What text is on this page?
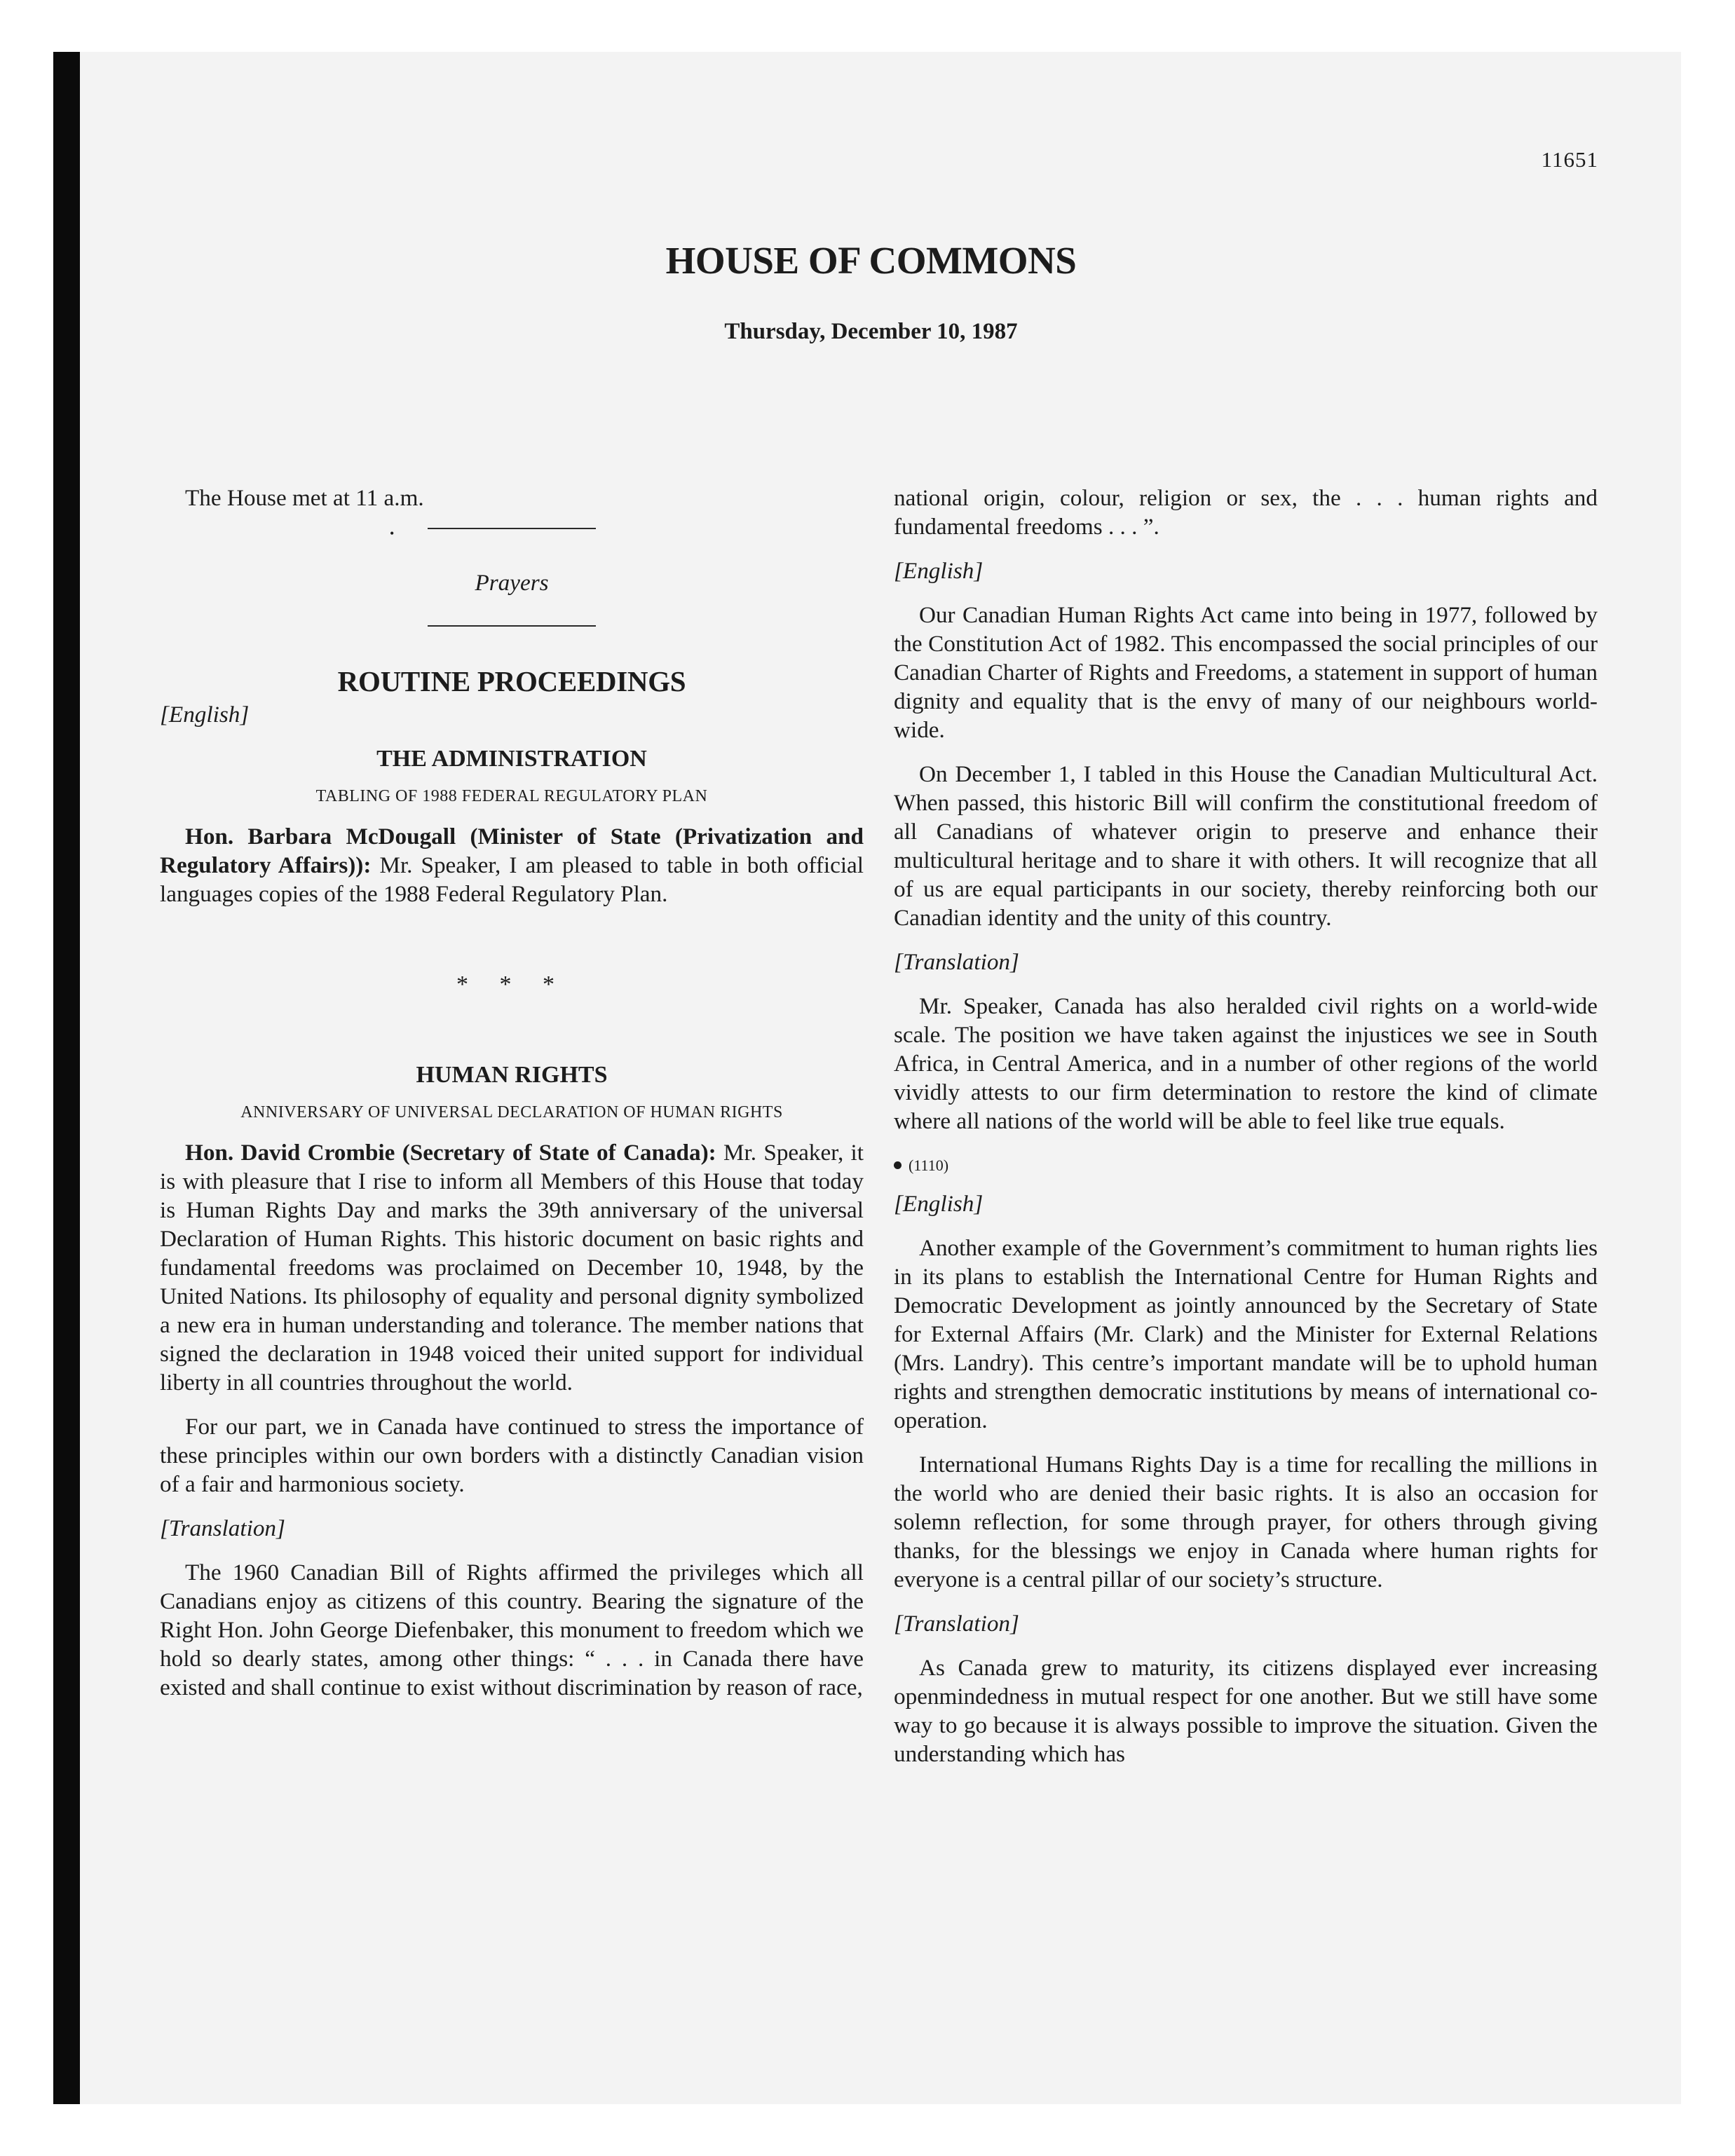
11651
HOUSE OF COMMONS
Thursday, December 10, 1987
The House met at 11 a.m.
•
Prayers
ROUTINE PROCEEDINGS

[English]

THE ADMINISTRATION
TABLING OF 1988 FEDERAL REGULATORY PLAN

Hon. Barbara McDougall (Minister of State (Privatization and Regulatory Affairs)): Mr. Speaker, I am pleased to table in both official languages copies of the 1988 Federal Regulatory Plan.

* * *
HUMAN RIGHTS
ANNIVERSARY OF UNIVERSAL DECLARATION OF HUMAN RIGHTS

Hon. David Crombie (Secretary of State of Canada): Mr. Speaker, it is with pleasure that I rise to inform all Members of this House that today is Human Rights Day and marks the 39th anniversary of the universal Declaration of Human Rights. This historic document on basic rights and fundamental freedoms was proclaimed on December 10, 1948, by the United Nations. Its philosophy of equality and personal dignity symbolized a new era in human understanding and tolerance. The member nations that signed the declaration in 1948 voiced their united support for individual liberty in all countries throughout the world.

For our part, we in Canada have continued to stress the importance of these principles within our own borders with a distinctly Canadian vision of a fair and harmonious society.

[Translation]

The 1960 Canadian Bill of Rights affirmed the privileges which all Canadians enjoy as citizens of this country. Bearing the signature of the Right Hon. John George Diefenbaker, this monument to freedom which we hold so dearly states, among other things: “ . . . in Canada there have existed and shall continue to exist without discrimination by reason of race,

national origin, colour, religion or sex, the . . . human rights and fundamental freedoms . . . ”.

[English]

Our Canadian Human Rights Act came into being in 1977, followed by the Constitution Act of 1982. This encompassed the social principles of our Canadian Charter of Rights and Freedoms, a statement in support of human dignity and equality that is the envy of many of our neighbours world-wide.

On December 1, I tabled in this House the Canadian Multicultural Act. When passed, this historic Bill will confirm the constitutional freedom of all Canadians of whatever origin to preserve and enhance their multicultural heritage and to share it with others. It will recognize that all of us are equal participants in our society, thereby reinforcing both our Canadian identity and the unity of this country.

[Translation]

Mr. Speaker, Canada has also heralded civil rights on a world-wide scale. The position we have taken against the injustices we see in South Africa, in Central America, and in a number of other regions of the world vividly attests to our firm determination to restore the kind of climate where all nations of the world will be able to feel like true equals.

(1110)

[English]

Another example of the Government’s commitment to human rights lies in its plans to establish the International Centre for Human Rights and Democratic Development as jointly announced by the Secretary of State for External Affairs (Mr. Clark) and the Minister for External Relations (Mrs. Landry). This centre’s important mandate will be to uphold human rights and strengthen democratic institutions by means of international co-operation.

International Humans Rights Day is a time for recalling the millions in the world who are denied their basic rights. It is also an occasion for solemn reflection, for some through prayer, for others through giving thanks, for the blessings we enjoy in Canada where human rights for everyone is a central pillar of our society’s structure.

[Translation]

As Canada grew to maturity, its citizens displayed ever increasing openmindedness in mutual respect for one another. But we still have some way to go because it is always possible to improve the situation. Given the understanding which has
